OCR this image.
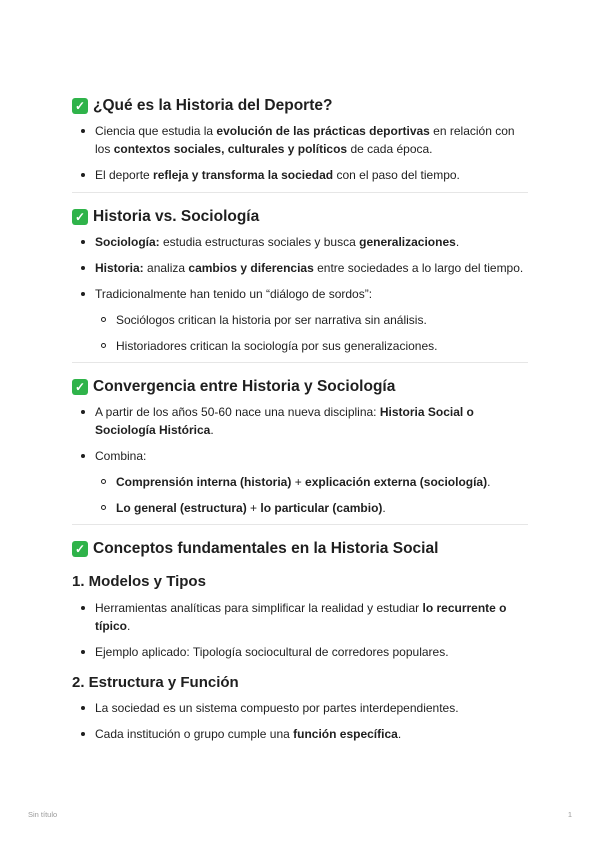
✓ ¿Qué es la Historia del Deporte?
Ciencia que estudia la evolución de las prácticas deportivas en relación con los contextos sociales, culturales y políticos de cada época.
El deporte refleja y transforma la sociedad con el paso del tiempo.
✓ Historia vs. Sociología
Sociología: estudia estructuras sociales y busca generalizaciones.
Historia: analiza cambios y diferencias entre sociedades a lo largo del tiempo.
Tradicionalmente han tenido un “diálogo de sordos”:
Sociólogos critican la historia por ser narrativa sin análisis.
Historiadores critican la sociología por sus generalizaciones.
✓ Convergencia entre Historia y Sociología
A partir de los años 50-60 nace una nueva disciplina: Historia Social o Sociología Histórica.
Combina:
Comprensión interna (historia) + explicación externa (sociología).
Lo general (estructura) + lo particular (cambio).
✓ Conceptos fundamentales en la Historia Social
1. Modelos y Tipos
Herramientas analíticas para simplificar la realidad y estudiar lo recurrente o típico.
Ejemplo aplicado: Tipología sociocultural de corredores populares.
2. Estructura y Función
La sociedad es un sistema compuesto por partes interdependientes.
Cada institución o grupo cumple una función específica.
Sin título	1
